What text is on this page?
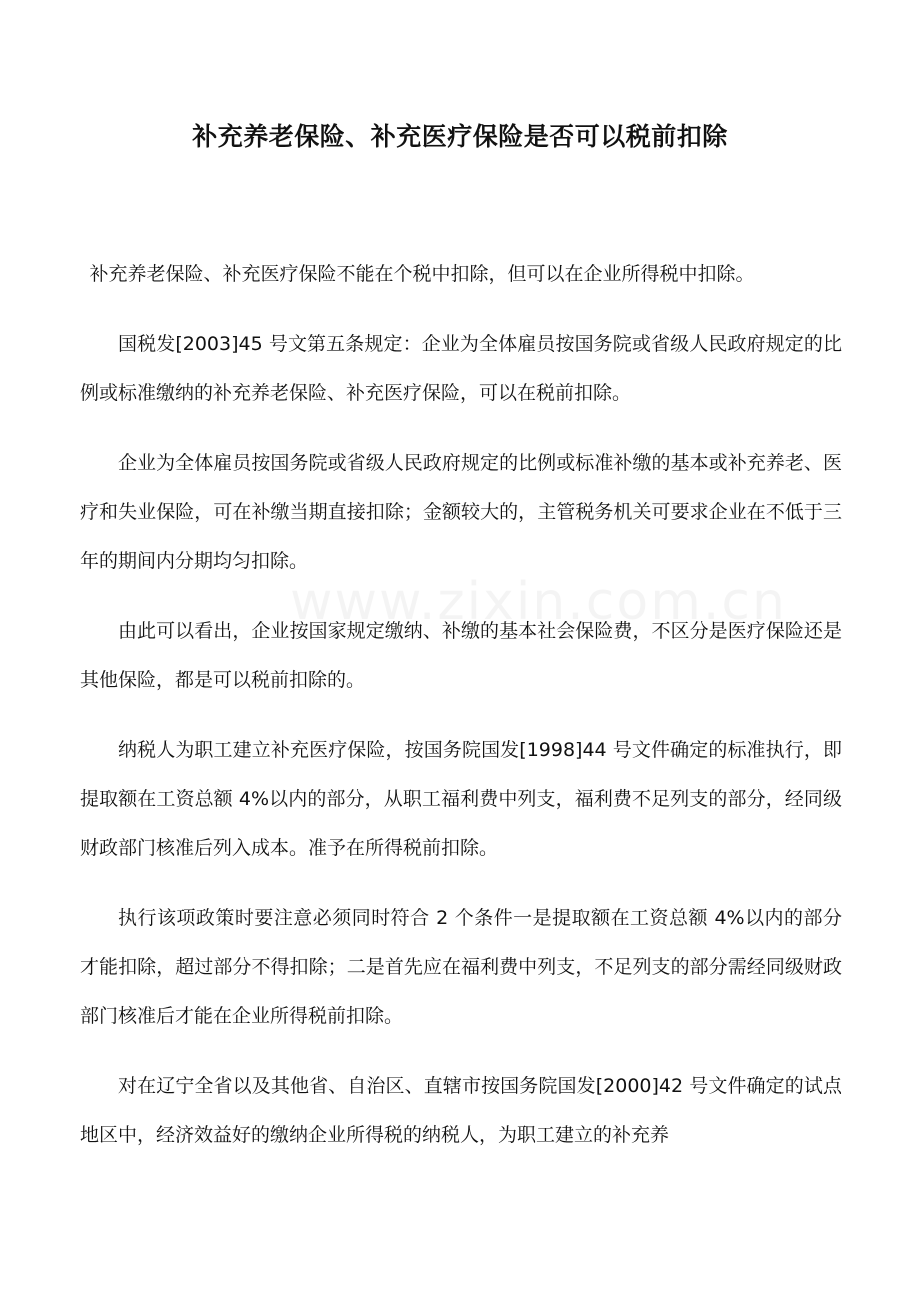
补充养老保险、补充医疗保险是否可以税前扣除

补充养老保险、补充医疗保险不能在个税中扣除，但可以在企业所得税中扣除。

国税发[2003]45 号文第五条规定：企业为全体雇员按国务院或省级人民政府规定的比例或标准缴纳的补充养老保险、补充医疗保险，可以在税前扣除。

企业为全体雇员按国务院或省级人民政府规定的比例或标准补缴的基本或补充养老、医疗和失业保险，可在补缴当期直接扣除；金额较大的，主管税务机关可要求企业在不低于三年的期间内分期均匀扣除。

由此可以看出，企业按国家规定缴纳、补缴的基本社会保险费，不区分是医疗保险还是其他保险，都是可以税前扣除的。

纳税人为职工建立补充医疗保险，按国务院国发[1998]44 号文件确定的标准执行，即提取额在工资总额 4%以内的部分，从职工福利费中列支，福利费不足列支的部分，经同级财政部门核准后列入成本。准予在所得税前扣除。

执行该项政策时要注意必须同时符合 2 个条件一是提取额在工资总额 4%以内的部分才能扣除，超过部分不得扣除；二是首先应在福利费中列支，不足列支的部分需经同级财政部门核准后才能在企业所得税前扣除。

对在辽宁全省以及其他省、自治区、直辖市按国务院国发[2000]42 号文件确定的试点地区中，经济效益好的缴纳企业所得税的纳税人，为职工建立的补充养
